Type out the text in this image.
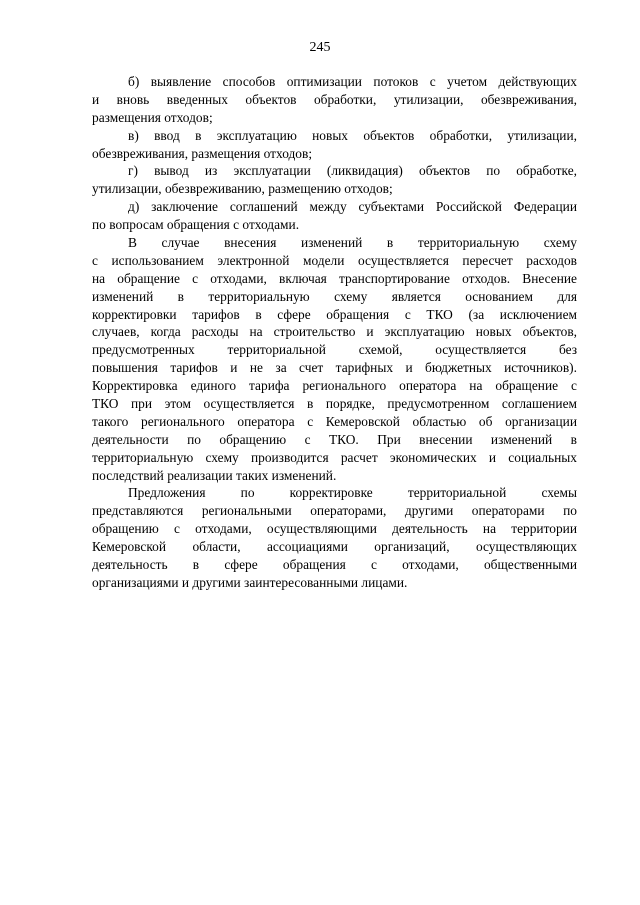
245
б) выявление способов оптимизации потоков с учетом действующих
и вновь введенных объектов обработки, утилизации, обезвреживания,
размещения отходов;
в) ввод в эксплуатацию новых объектов обработки, утилизации,
обезвреживания, размещения отходов;
г) вывод из эксплуатации (ликвидация) объектов по обработке,
утилизации, обезвреживанию, размещению отходов;
д) заключение соглашений между субъектами Российской Федерации
по вопросам обращения с отходами.
В случае внесения изменений в территориальную схему
с использованием электронной модели осуществляется пересчет расходов
на обращение с отходами, включая транспортирование отходов. Внесение
изменений в территориальную схему является основанием для
корректировки тарифов в сфере обращения с ТКО (за исключением
случаев, когда расходы на строительство и эксплуатацию новых объектов,
предусмотренных территориальной схемой, осуществляется без
повышения тарифов и не за счет тарифных и бюджетных источников).
Корректировка единого тарифа регионального оператора на обращение с
ТКО при этом осуществляется в порядке, предусмотренном соглашением
такого регионального оператора с Кемеровской областью об организации
деятельности по обращению с ТКО. При внесении изменений в
территориальную схему производится расчет экономических и социальных
последствий реализации таких изменений.
Предложения по корректировке территориальной схемы
представляются региональными операторами, другими операторами по
обращению с отходами, осуществляющими деятельность на территории
Кемеровской области, ассоциациями организаций, осуществляющих
деятельность в сфере обращения с отходами, общественными
организациями и другими заинтересованными лицами.
